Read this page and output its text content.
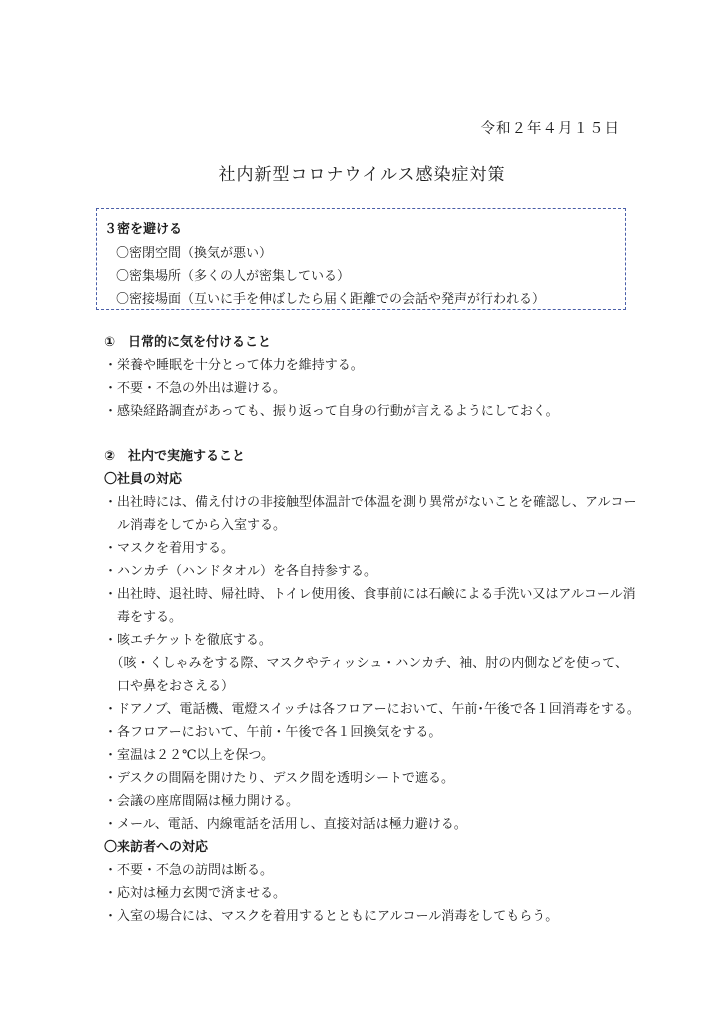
令和２年４月１５日
社内新型コロナウイルス感染症対策
３密を避ける
〇密閉空間（換気が悪い）
〇密集場所（多くの人が密集している）
〇密接場面（互いに手を伸ばしたら届く距離での会話や発声が行われる）
①　日常的に気を付けること
・栄養や睡眠を十分とって体力を維持する。
・不要・不急の外出は避ける。
・感染経路調査があっても、振り返って自身の行動が言えるようにしておく。
②　社内で実施すること
〇社員の対応
・出社時には、備え付けの非接触型体温計で体温を測り異常がないことを確認し、アルコー
　ル消毒をしてから入室する。
・マスクを着用する。
・ハンカチ（ハンドタオル）を各自持参する。
・出社時、退社時、帰社時、トイレ使用後、食事前には石鹸による手洗い又はアルコール消
　毒をする。
・咳エチケットを徹底する。
　（咳・くしゃみをする際、マスクやティッシュ・ハンカチ、袖、肘の内側などを使って、
　口や鼻をおさえる）
・ドアノブ、電話機、電燈スイッチは各フロアーにおいて、午前･午後で各１回消毒をする。
・各フロアーにおいて、午前・午後で各１回換気をする。
・室温は２２℃以上を保つ。
・デスクの間隔を開けたり、デスク間を透明シートで遮る。
・会議の座席間隔は極力開ける。
・メール、電話、内線電話を活用し、直接対話は極力避ける。
〇来訪者への対応
・不要・不急の訪問は断る。
・応対は極力玄関で済ませる。
・入室の場合には、マスクを着用するとともにアルコール消毒をしてもらう。
